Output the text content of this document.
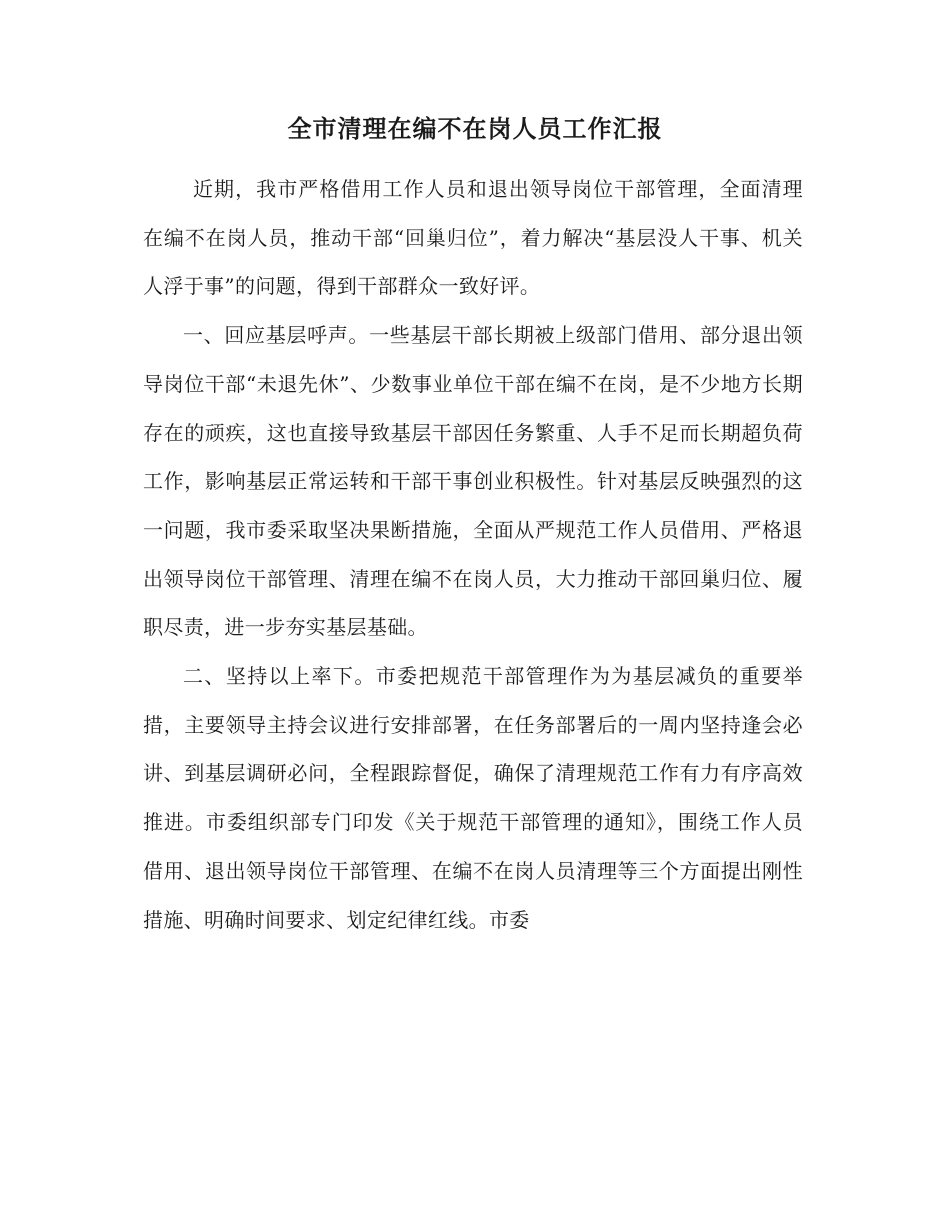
全市清理在编不在岗人员工作汇报

近期，我市严格借用工作人员和退出领导岗位干部管理，全面清理在编不在岗人员，推动干部“回巢归位”，着力解决“基层没人干事、机关人浮于事”的问题，得到干部群众一致好评。

一、回应基层呼声。一些基层干部长期被上级部门借用、部分退出领导岗位干部“未退先休”、少数事业单位干部在编不在岗，是不少地方长期存在的顽疾，这也直接导致基层干部因任务繁重、人手不足而长期超负荷工作，影响基层正常运转和干部干事创业积极性。针对基层反映强烈的这一问题，我市委采取坚决果断措施，全面从严规范工作人员借用、严格退出领导岗位干部管理、清理在编不在岗人员，大力推动干部回巢归位、履职尽责，进一步夯实基层基础。

二、坚持以上率下。市委把规范干部管理作为为基层减负的重要举措，主要领导主持会议进行安排部署，在任务部署后的一周内坚持逢会必讲、到基层调研必问，全程跟踪督促，确保了清理规范工作有力有序高效推进。市委组织部专门印发《关于规范干部管理的通知》，围绕工作人员借用、退出领导岗位干部管理、在编不在岗人员清理等三个方面提出刚性措施、明确时间要求、划定纪律红线。市委
